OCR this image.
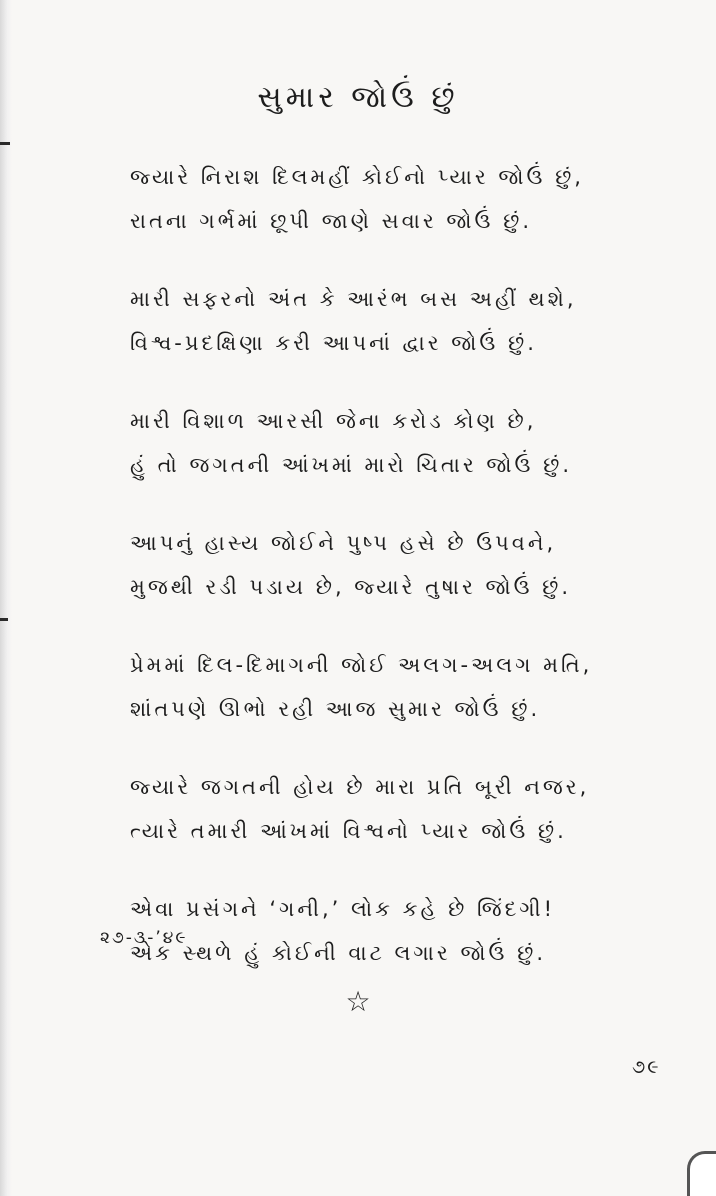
સુમાર જોઉં છું
જ્યારે નિરાશ દિલમહીં કોઈનો પ્યાર જોઉં છું,
રાતના ગર્ભમાં છૂપી જાણે સવાર જોઉં છું.
મારી સફરનો અંત કે આરંભ બસ અહીં થશે,
વિશ્વ-પ્રદક્ષિણા કરી આપનાં દ્વાર જોઉં છું.
મારી વિશાળ આરસી જેના કરોડ કોણ છે,
હું તો જગતની આંખમાં મારો ચિતાર જોઉં છું.
આપનું હાસ્ય જોઈને પુષ્પ હસે છે ઉપવને,
મુજથી રડી પડાય છે, જ્યારે તુષાર જોઉં છું.
પ્રેમમાં દિલ-દિમાગની જોઈ અલગ-અલગ મતિ,
શાંતપણે ઊભો રહી આજ સુમાર જોઉં છું.
જ્યારે જગતની હોય છે મારા પ્રતિ બૂરી નજર,
ત્યારે તમારી આંખમાં વિશ્વનો પ્યાર જોઉં છું.
એવા પ્રસંગને ‘ગની,’ લોક કહે છે જિંદગી!
એક સ્થળે હું કોઈની વાટ લગાર જોઉં છું.
૨૭-૩-’૪૯
☆
૭૯
